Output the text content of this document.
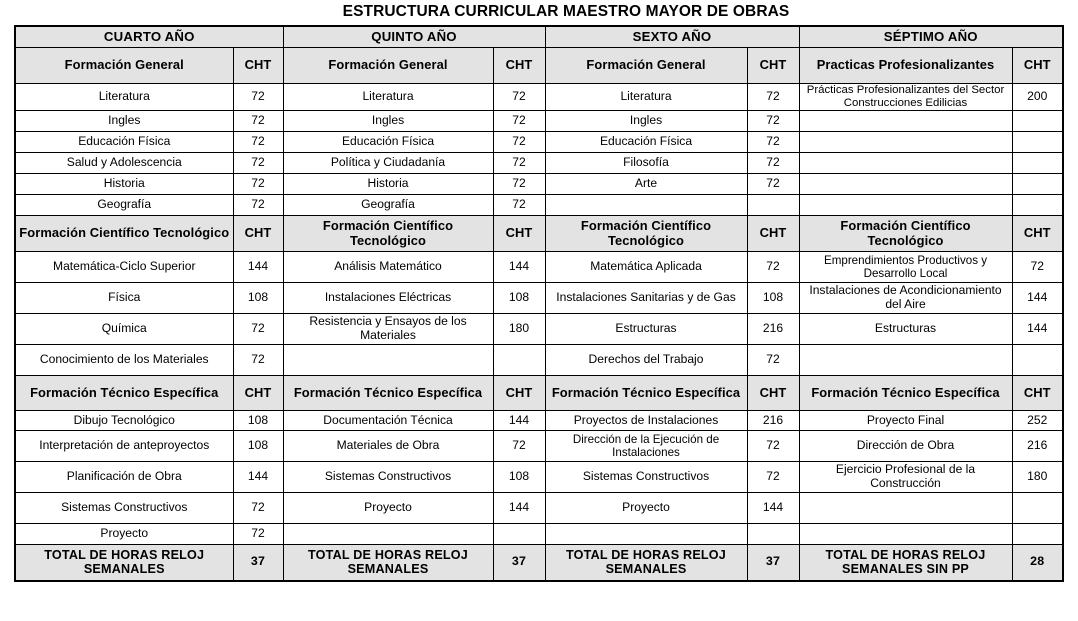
ESTRUCTURA CURRICULAR MAESTRO MAYOR DE OBRAS
CUARTO AÑO		QUINTO AÑO		SEXTO AÑO		SÉPTIMO AÑO	
Formación General	CHT	Formación General	CHT	Formación General	CHT	Practicas Profesionalizantes	CHT
Literatura	72	Literatura	72	Literatura	72	Prácticas Profesionalizantes del Sector Construcciones Edilicias	200
Ingles	72	Ingles	72	Ingles	72		
Educación Física	72	Educación Física	72	Educación Física	72		
Salud y Adolescencia	72	Política y Ciudadanía	72	Filosofía	72		
Historia	72	Historia	72	Arte	72		
Geografía	72	Geografía	72				
Formación Científico Tecnológico	CHT	Formación Científico Tecnológico	CHT	Formación Científico Tecnológico	CHT	Formación Científico Tecnológico	CHT
Matemática-Ciclo Superior	144	Análisis Matemático	144	Matemática Aplicada	72	Emprendimientos Productivos y Desarrollo Local	72
Física	108	Instalaciones Eléctricas	108	Instalaciones Sanitarias y de Gas	108	Instalaciones de Acondicionamiento del Aire	144
Química	72	Resistencia y Ensayos de los Materiales	180	Estructuras	216	Estructuras	144
Conocimiento de los Materiales	72			Derechos del Trabajo	72		
Formación Técnico Específica	CHT	Formación Técnico Específica	CHT	Formación Técnico Específica	CHT	Formación Técnico Específica	CHT
Dibujo Tecnológico	108	Documentación Técnica	144	Proyectos de Instalaciones	216	Proyecto Final	252
Interpretación de anteproyectos	108	Materiales de Obra	72	Dirección de la Ejecución de Instalaciones	72	Dirección de Obra	216
Planificación de Obra	144	Sistemas Constructivos	108	Sistemas Constructivos	72	Ejercicio Profesional de la Construcción	180
Sistemas Constructivos	72	Proyecto	144	Proyecto	144		
Proyecto	72						
TOTAL DE HORAS RELOJ SEMANALES	37	TOTAL DE HORAS RELOJ SEMANALES	37	TOTAL DE HORAS RELOJ SEMANALES	37	TOTAL DE HORAS RELOJ SEMANALES SIN PP	28
